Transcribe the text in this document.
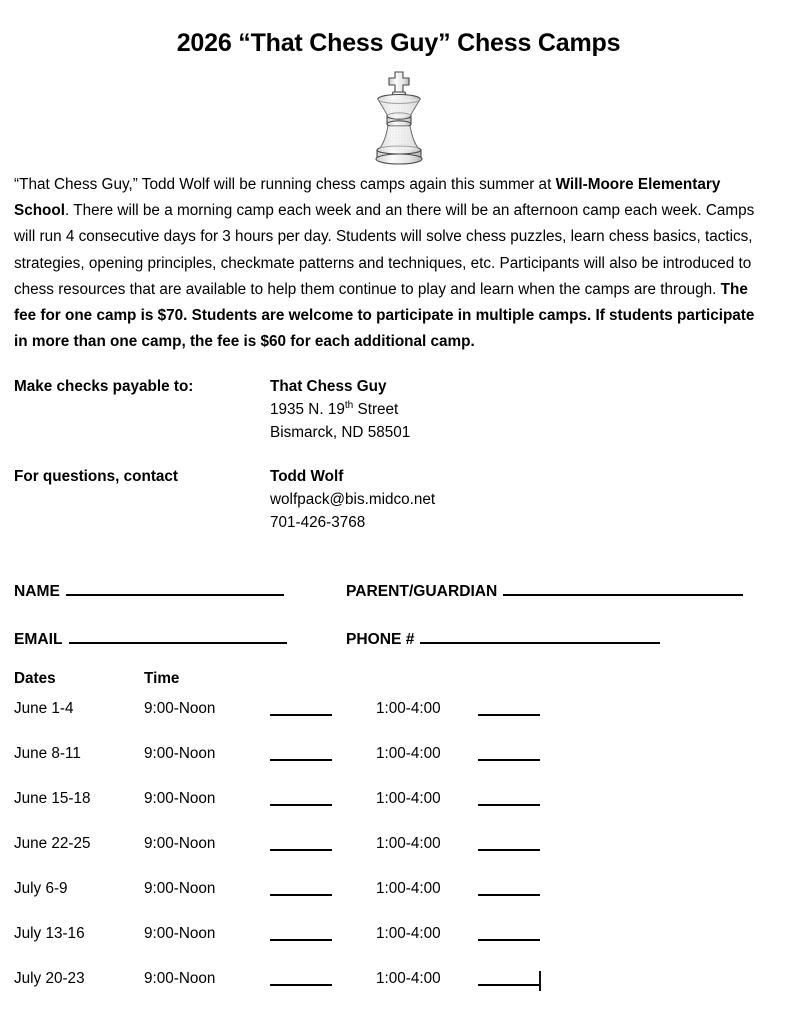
2026 “That Chess Guy” Chess Camps

“That Chess Guy,” Todd Wolf will be running chess camps again this summer at Will-Moore Elementary School. There will be a morning camp each week and an there will be an afternoon camp each week. Camps will run 4 consecutive days for 3 hours per day. Students will solve chess puzzles, learn chess basics, tactics, strategies, opening principles, checkmate patterns and techniques, etc. Participants will also be introduced to chess resources that are available to help them continue to play and learn when the camps are through. The fee for one camp is $70. Students are welcome to participate in multiple camps. If students participate in more than one camp, the fee is $60 for each additional camp.

Make checks payable to:	That Chess Guy
1935 N. 19th Street
Bismarck, ND 58501
For questions, contact	Todd Wolf
wolfpack@bis.midco.net
701-426-3768
NAME	PARENT/GUARDIAN
EMAIL	PHONE #
Dates	Time
June 1-4	9:00-Noon	1:00-4:00
June 8-11	9:00-Noon	1:00-4:00
June 15-18	9:00-Noon	1:00-4:00
June 22-25	9:00-Noon	1:00-4:00
July 6-9	9:00-Noon	1:00-4:00
July 13-16	9:00-Noon	1:00-4:00
July 20-23	9:00-Noon	1:00-4:00
